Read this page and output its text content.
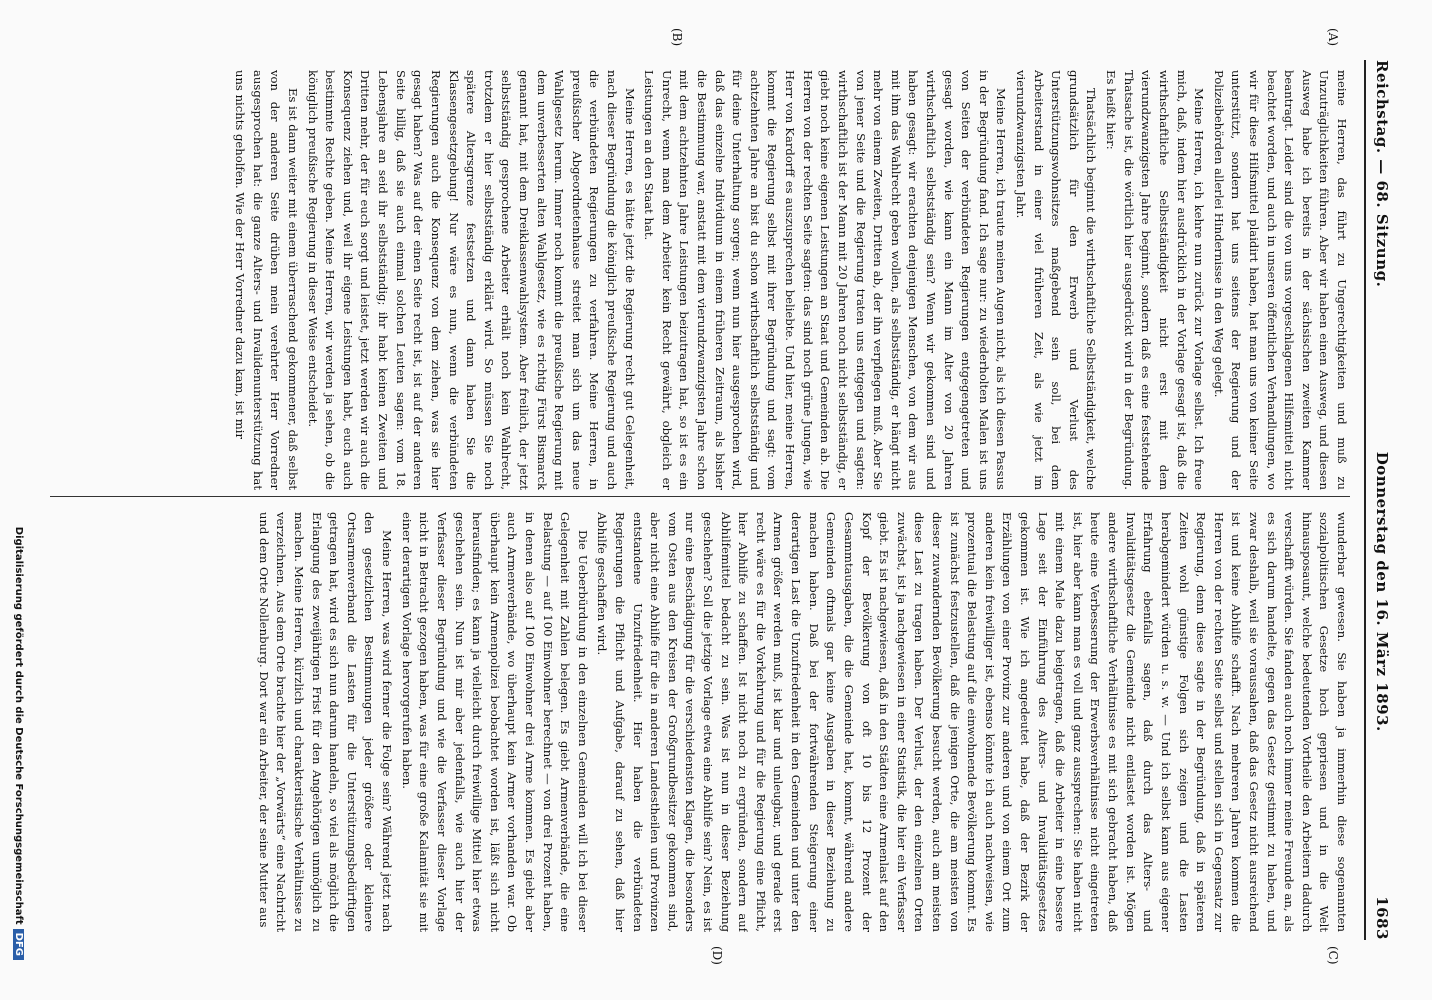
Reichstag. — 68. Sitzung.
Donnerstag den 16. März 1893.
1683
(A)
(B)
(C)
(D)

meine Herren, das führt zu Ungerechtigkeiten und muß zu Unzuträglichkeiten führen. Aber wir haben einen Ausweg, und diesen Ausweg habe ich bereits in der sächsischen zweiten Kammer beantragt. Leider sind die von uns vorgeschlagenen Hilfsmittel nicht beachtet worden, und auch in unseren öffentlichen Verhandlungen, wo wir für diese Hilfsmittel plaidirt haben, hat man uns von keiner Seite unterstützt, sondern hat uns seitens der Regierung und der Polizeibehörden allerlei Hindernisse in den Weg gelegt.

Meine Herren, ich kehre nun zurück zur Vorlage selbst. Ich freue mich, daß, indem hier ausdrücklich in der Vorlage gesagt ist, daß die wirthschaftliche Selbstständigkeit nicht erst mit dem vierundzwanzigsten Jahre beginnt, sondern daß es eine feststehende Thatsache ist, die wörtlich hier ausgedrückt wird in der Begründung. Es heißt hier:

Thatsächlich beginnt die wirthschaftliche Selbstständigkeit, welche grundsätzlich für den Erwerb und Verlust des Unterstützungswohnsitzes maßgebend sein soll, bei dem Arbeiterstand in einer viel früheren Zeit, als wie jetzt im vierundzwanzigsten Jahr.

Meine Herren, ich traute meinen Augen nicht, als ich diesen Passus in der Begründung fand. Ich sage nur: zu wiederholten Malen ist uns von Seiten der verbündeten Regierungen entgegengetreten und gesagt worden, wie kann ein Mann im Alter von 20 Jahren wirthschaftlich selbstständig sein? Wenn wir gekommen sind und haben gesagt: wir erachten denjenigen Menschen, von dem wir aus mit ihm das Wahlrecht geben wollen, als selbstständig, er hängt nicht mehr von einem Zweiten, Dritten ab, der ihn verpflegen muß. Aber Sie von jener Seite und die Regierung traten uns entgegen und sagten: wirthschaftlich ist der Mann mit 20 Jahren noch nicht selbstständig, er giebt noch keine eigenen Leistungen an Staat und Gemeinden ab. Die Herren von der rechten Seite sagten: das sind noch grüne Jungen, wie Herr von Kardorff es auszusprechen beliebte. Und hier, meine Herren, kommt die Regierung selbst mit ihrer Begründung und sagt: vom achtzehnten Jahre an bist du schon wirthschaftlich selbstständig und für deine Unterhaltung sorgen; wenn nun hier ausgesprochen wird, daß das einzelne Individuum in einem früheren Zeitraum, als bisher die Bestimmung war, anstatt mit dem vierundzwanzigsten Jahre schon mit dem achtzehnten Jahre Leistungen beizutragen hat, so ist es ein Unrecht, wenn man dem Arbeiter kein Recht gewährt, obgleich er Leistungen an den Staat hat.

Meine Herren, es hätte jetzt die Regierung recht gut Gelegenheit, nach dieser Begründung die königlich preußische Regierung und auch die verbündeten Regierungen zu verfahren. Meine Herren, in preußischer Abgeordnetenhause streitet man sich um das neue Wahlgesetz herum. Immer noch kommt die preußische Regierung mit dem unverbesserten alten Wahlgesetz, wie es richtig Fürst Bismarck genannt hat, mit dem Dreiklassenwahlsystem. Aber freilich, der jetzt selbstständig gesprochene Arbeiter erhält noch kein Wahlrecht, trotzdem er hier selbstständig erklärt wird. So müssen Sie noch spätere Altersgrenze festsetzen und dann haben Sie die Klassengesetzgebung! Nur wäre es nun, wenn die verbündeten Regierungen auch die Konsequenz von dem ziehen, was sie hier gesagt haben? Was auf der einen Seite recht ist, ist auf der anderen Seite billig, daß sie auch einmal solchen Leuten sagen: vom 18. Lebensjahre an seid ihr selbstständig; ihr habt keinen Zweiten und Dritten mehr, der für euch sorgt und leistet, jetzt werden wir auch die Konsequenz ziehen und, weil ihr eigene Leistungen habt, euch auch bestimmte Rechte geben. Meine Herren, wir werden ja sehen, ob die königlich preußische Regierung in dieser Weise entscheidet.

Es ist dann weiter mit einem überraschend gekommener, daß selbst von der anderen Seite drüben mein verehrter Herr Vorredner ausgesprochen hat: die ganze Alters- und Invalidenunterstützung hat uns nichts geholfen. Wie der Herr Vorredner dazu kam, ist mir

wunderbar gewesen. Sie haben ja immerhin diese sogenannten sozialpolitischen Gesetze hoch gepriesen und in die Welt hinausposaunt, welche bedeutenden Vortheile den Arbeitern dadurch verschafft würden. Sie fanden auch noch immer meine Freunde an, als es sich darum handelte, gegen das Gesetz gestimmt zu haben, und zwar deshalb, weil sie voraussahen, daß das Gesetz nicht ausreichend ist und keine Abhilfe schafft. Nach mehreren Jahren kommen die Herren von der rechten Seite selbst und stellen sich in Gegensatz zur Regierung, denn diese sagte in der Begründung, daß in späteren Zeiten wohl günstige Folgen sich zeigen und die Lasten herabgemindert würden u. s. w. — Und ich selbst kann aus eigener Erfahrung ebenfalls sagen, daß durch das Alters- und Invaliditätsgesetz die Gemeinde nicht entlastet worden ist. Mögen andere wirthschaftliche Verhältnisse es mit sich gebracht haben, daß heute eine Verbesserung der Erwerbsverhältnisse nicht eingetreten ist, hier aber kann man es voll und ganz aussprechen: Sie haben nicht mit einem Male dazu beigetragen, daß die Arbeiter in eine bessere Lage seit der Einführung des Alters- und Invaliditätsgesetzes gekommen ist. Wie ich angedeutet habe, daß der Bezirk der Erzählungen von einer Provinz zur anderen und von einem Ort zum anderen kein freiwilliger ist, ebenso könnte ich auch nachweisen, wie prozentual die Belastung auf die einwohnende Bevölkerung kommt. Es ist zunächst festzustellen, daß die jenigen Orte, die am meisten von dieser zuwandernden Bevölkerung besucht werden, auch am meisten diese Last zu tragen haben. Der Verlust, der den einzelnen Orten zuwächst, ist ja nachgewiesen in einer Statistik, die hier ein Verfasser giebt. Es ist nachgewiesen, daß in den Städten eine Armenlast auf den Kopf der Bevölkerung von oft 10 bis 12 Prozent der Gesammtausgaben, die die Gemeinde hat, kommt, während andere Gemeinden oftmals gar keine Ausgaben in dieser Beziehung zu machen haben. Daß bei der fortwährenden Steigerung einer derartigen Last die Unzufriedenheit in den Gemeinden und unter den Armen größer werden muß, ist klar und unleugbar, und gerade erst recht wäre es für die Vorkehrung und für die Regierung eine Pflicht, hier Abhilfe zu schaffen. Ist nicht noch zu ergründen, sondern auf Abhilfemittel bedacht zu sein. Was ist nun in dieser Beziehung geschehen? Soll die jetzige Vorlage etwa eine Abhilfe sein? Nein, es ist nur eine Beschädigung für die verschiedensten Klagen, die besonders vom Osten aus den Kreisen der Großgrundbesitzer gekommen sind, aber nicht eine Abhilfe für die in anderen Landestheilen und Provinzen entstandene Unzufriedenheit. Hier haben die verbündeten Regierungen die Pflicht und Aufgabe, darauf zu sehen, daß hier Abhilfe geschaffen wird.

Die Ueberbürdung in den einzelnen Gemeinden will ich bei dieser Gelegenheit mit Zahlen belegen. Es giebt Armenverbände, die eine Belastung — auf 100 Einwohner berechnet — von drei Prozent haben, in denen also auf 100 Einwohner drei Arme kommen. Es giebt aber auch Armenverbände, wo überhaupt kein Armer vorhanden war. Ob überhaupt kein Armenpolizei beobachtet worden ist, läßt sich nicht herausfinden; es kann ja vielleicht durch freiwillige Mittel hier etwas geschehen sein. Nun ist mir aber jedenfalls, wie auch hier der Verfasser dieser Begründung und wie die Verfasser dieser Vorlage nicht in Betracht gezogen haben, was für eine große Kalamität sie mit einer derartigen Vorlage hervorgerufen haben.

Meine Herren, was wird ferner die Folge sein? Während jetzt nach den gesetzlichen Bestimmungen jeder größere oder kleinere Ortsarmenverband die Lasten für die Unterstützungsbedürftigen getragen hat, wird es sich nun darum handeln, so viel als möglich die Erlangung des zweijährigen Frist für den Angehörigen unmöglich zu machen. Meine Herren, kürzlich und charakteristische Verhältnisse zu verzeichnen. Aus dem Orte brachte hier der „Vorwärts“ eine Nachricht und dem Orte Nollenburg. Dort war ein Arbeiter, der seine Mutter aus

Digitalisierung gefördert durch die Deutsche ForschungsgemeinschaftDFG
